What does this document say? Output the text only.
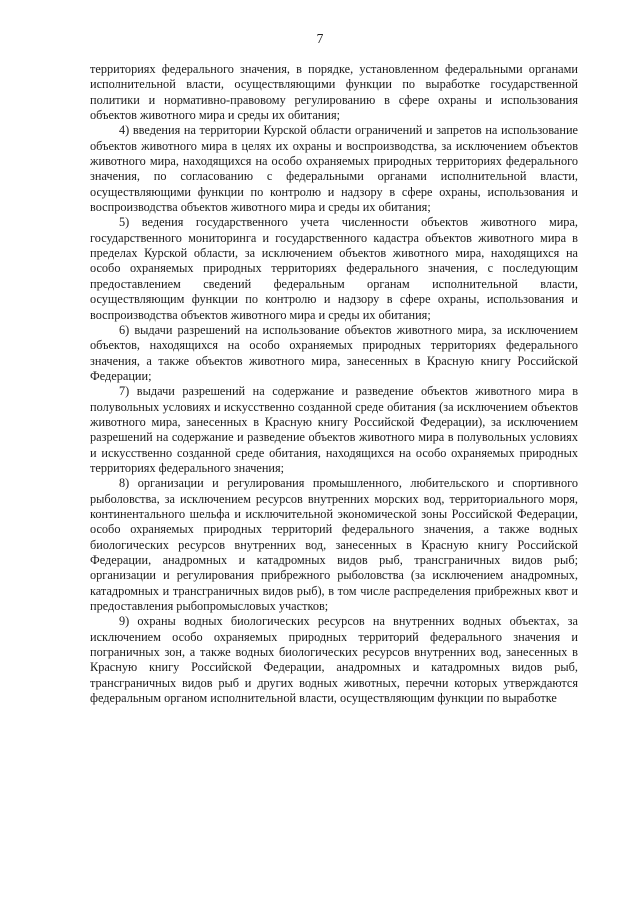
7

территориях федерального значения, в порядке, установленном федеральными органами исполнительной власти, осуществляющими функции по выработке государственной политики и нормативно-правовому регулированию в сфере охраны и использования объектов животного мира и среды их обитания;

4) введения на территории Курской области ограничений и запретов на использование объектов животного мира в целях их охраны и воспроизводства, за исключением объектов животного мира, находящихся на особо охраняемых природных территориях федерального значения, по согласованию с федеральными органами исполнительной власти, осуществляющими функции по контролю и надзору в сфере охраны, использования и воспроизводства объектов животного мира и среды их обитания;

5) ведения государственного учета численности объектов животного мира, государственного мониторинга и государственного кадастра объектов животного мира в пределах Курской области, за исключением объектов животного мира, находящихся на особо охраняемых природных территориях федерального значения, с последующим предоставлением сведений федеральным органам исполнительной власти, осуществляющим функции по контролю и надзору в сфере охраны, использования и воспроизводства объектов животного мира и среды их обитания;

6) выдачи разрешений на использование объектов животного мира, за исключением объектов, находящихся на особо охраняемых природных территориях федерального значения, а также объектов животного мира, занесенных в Красную книгу Российской Федерации;

7) выдачи разрешений на содержание и разведение объектов животного мира в полувольных условиях и искусственно созданной среде обитания (за исключением объектов животного мира, занесенных в Красную книгу Российской Федерации), за исключением разрешений на содержание и разведение объектов животного мира в полувольных условиях и искусственно созданной среде обитания, находящихся на особо охраняемых природных территориях федерального значения;

8) организации и регулирования промышленного, любительского и спортивного рыболовства, за исключением ресурсов внутренних морских вод, территориального моря, континентального шельфа и исключительной экономической зоны Российской Федерации, особо охраняемых природных территорий федерального значения, а также водных биологических ресурсов внутренних вод, занесенных в Красную книгу Российской Федерации, анадромных и катадромных видов рыб, трансграничных видов рыб; организации и регулирования прибрежного рыболовства (за исключением анадромных, катадромных и трансграничных видов рыб), в том числе распределения прибрежных квот и предоставления рыбопромысловых участков;

9) охраны водных биологических ресурсов на внутренних водных объектах, за исключением особо охраняемых природных территорий федерального значения и пограничных зон, а также водных биологических ресурсов внутренних вод, занесенных в Красную книгу Российской Федерации, анадромных и катадромных видов рыб, трансграничных видов рыб и других водных животных, перечни которых утверждаются федеральным органом исполнительной власти, осуществляющим функции по выработке
